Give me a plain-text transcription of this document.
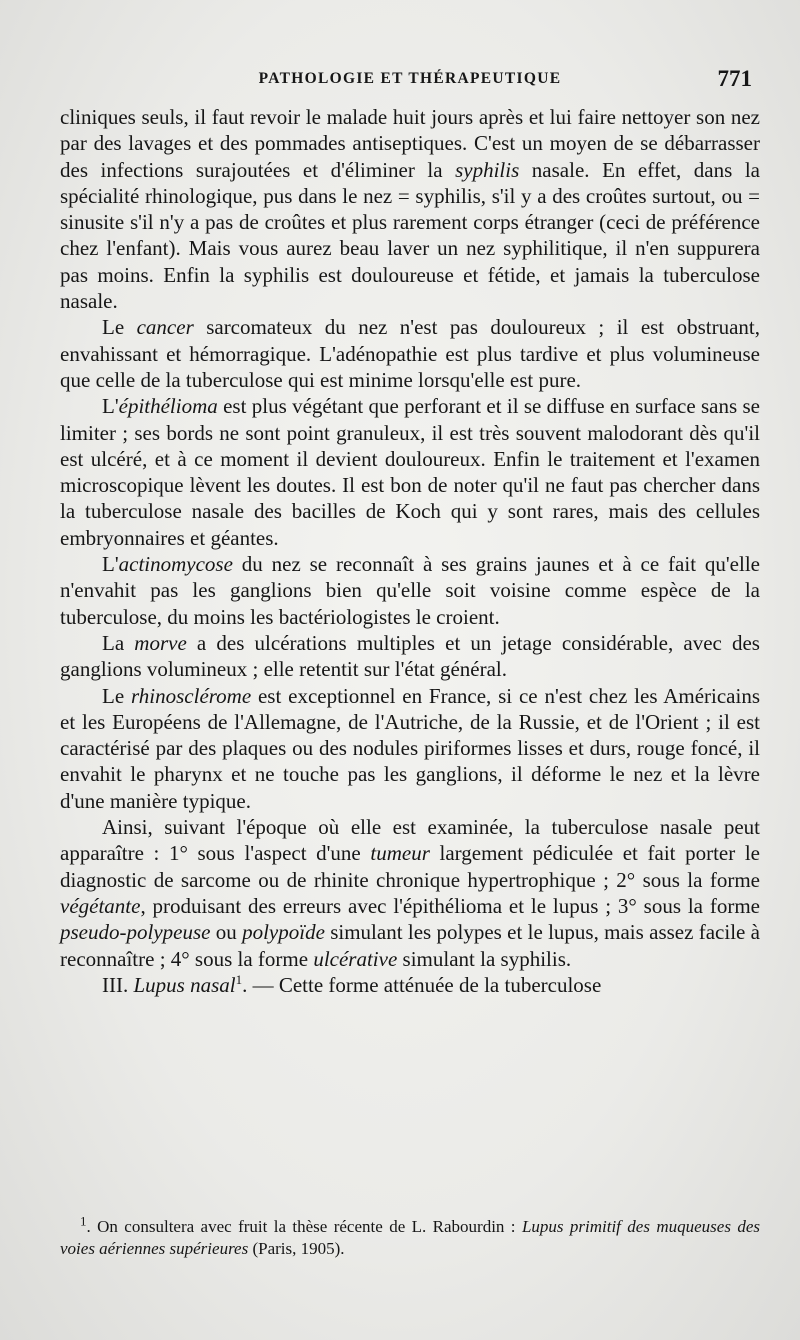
PATHOLOGIE ET THÉRAPEUTIQUE	771

cliniques seuls, il faut revoir le malade huit jours après et lui faire nettoyer son nez par des lavages et des pommades antiseptiques. C'est un moyen de se débarrasser des infections surajoutées et d'éliminer la syphilis nasale. En effet, dans la spécialité rhinologique, pus dans le nez = syphilis, s'il y a des croûtes surtout, ou = sinusite s'il n'y a pas de croûtes et plus rarement corps étranger (ceci de préférence chez l'enfant). Mais vous aurez beau laver un nez syphilitique, il n'en suppurera pas moins. Enfin la syphilis est douloureuse et fétide, et jamais la tuberculose nasale.

Le cancer sarcomateux du nez n'est pas douloureux ; il est obstruant, envahissant et hémorragique. L'adénopathie est plus tardive et plus volumineuse que celle de la tuberculose qui est minime lorsqu'elle est pure.

L'épithélioma est plus végétant que perforant et il se diffuse en surface sans se limiter ; ses bords ne sont point granuleux, il est très souvent malodorant dès qu'il est ulcéré, et à ce moment il devient douloureux. Enfin le traitement et l'examen microscopique lèvent les doutes. Il est bon de noter qu'il ne faut pas chercher dans la tuberculose nasale des bacilles de Koch qui y sont rares, mais des cellules embryonnaires et géantes.

L'actinomycose du nez se reconnaît à ses grains jaunes et à ce fait qu'elle n'envahit pas les ganglions bien qu'elle soit voisine comme espèce de la tuberculose, du moins les bactériologistes le croient.

La morve a des ulcérations multiples et un jetage considérable, avec des ganglions volumineux ; elle retentit sur l'état général.

Le rhinosclérome est exceptionnel en France, si ce n'est chez les Américains et les Européens de l'Allemagne, de l'Autriche, de la Russie, et de l'Orient ; il est caractérisé par des plaques ou des nodules piriformes lisses et durs, rouge foncé, il envahit le pharynx et ne touche pas les ganglions, il déforme le nez et la lèvre d'une manière typique.

Ainsi, suivant l'époque où elle est examinée, la tuberculose nasale peut apparaître : 1° sous l'aspect d'une tumeur largement pédiculée et fait porter le diagnostic de sarcome ou de rhinite chronique hypertrophique ; 2° sous la forme végétante, produisant des erreurs avec l'épithélioma et le lupus ; 3° sous la forme pseudo-polypeuse ou polypoïde simulant les polypes et le lupus, mais assez facile à reconnaître ; 4° sous la forme ulcérative simulant la syphilis.

III. Lupus nasal$^1$. — Cette forme atténuée de la tuberculose

$^1$. On consultera avec fruit la thèse récente de L. Rabourdin : Lupus primitif des muqueuses des voies aériennes supérieures (Paris, 1905).
